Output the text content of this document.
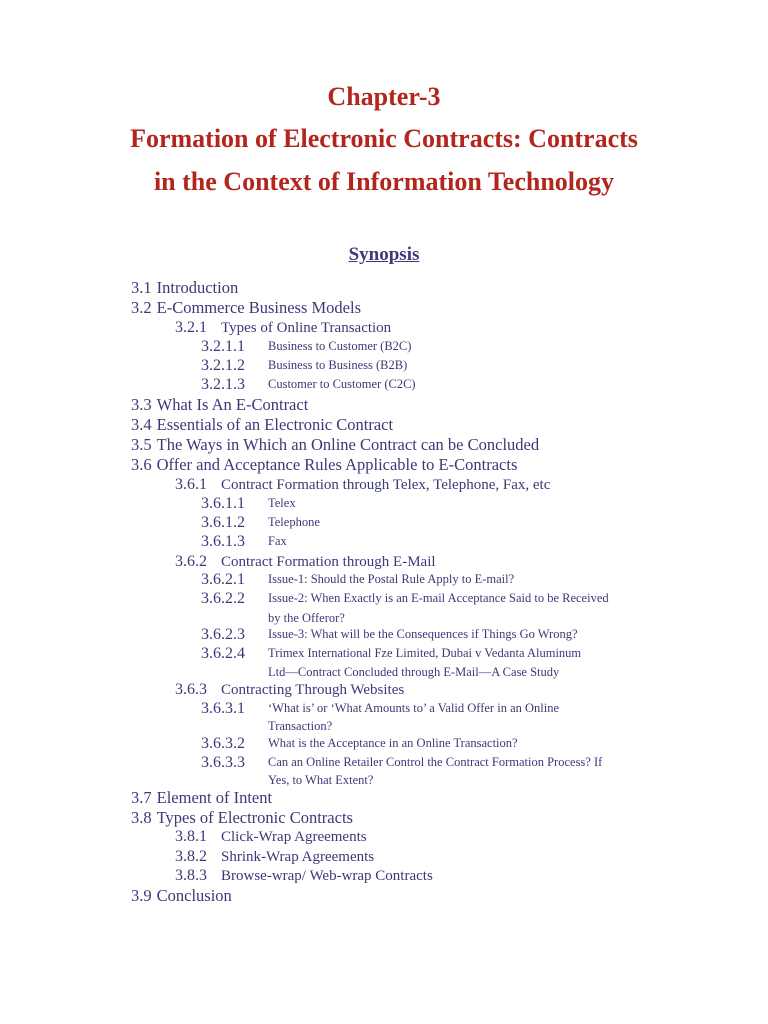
Chapter-3
Formation of Electronic Contracts: Contracts
in the Context of Information Technology
Synopsis
3.1 Introduction
3.2 E-Commerce Business Models
3.2.1 Types of Online Transaction
3.2.1.1 Business to Customer (B2C)
3.2.1.2 Business to Business (B2B)
3.2.1.3 Customer to Customer (C2C)
3.3 What Is An E-Contract
3.4 Essentials of an Electronic Contract
3.5 The Ways in Which an Online Contract can be Concluded
3.6 Offer and Acceptance Rules Applicable to E-Contracts
3.6.1 Contract Formation through Telex, Telephone, Fax, etc
3.6.1.1 Telex
3.6.1.2 Telephone
3.6.1.3 Fax
3.6.2 Contract Formation through E-Mail
3.6.2.1 Issue-1: Should the Postal Rule Apply to E-mail?
3.6.2.2 Issue-2: When Exactly is an E-mail Acceptance Said to be Received
by the Offeror?
3.6.2.3 Issue-3: What will be the Consequences if Things Go Wrong?
3.6.2.4 Trimex International Fze Limited, Dubai v Vedanta Aluminum
Ltd—Contract Concluded through E-Mail—A Case Study
3.6.3 Contracting Through Websites
3.6.3.1 ‘What is’ or ‘What Amounts to’ a Valid Offer in an Online
Transaction?
3.6.3.2 What is the Acceptance in an Online Transaction?
3.6.3.3 Can an Online Retailer Control the Contract Formation Process? If
Yes, to What Extent?
3.7 Element of Intent
3.8 Types of Electronic Contracts
3.8.1 Click-Wrap Agreements
3.8.2 Shrink-Wrap Agreements
3.8.3 Browse-wrap/ Web-wrap Contracts
3.9 Conclusion
